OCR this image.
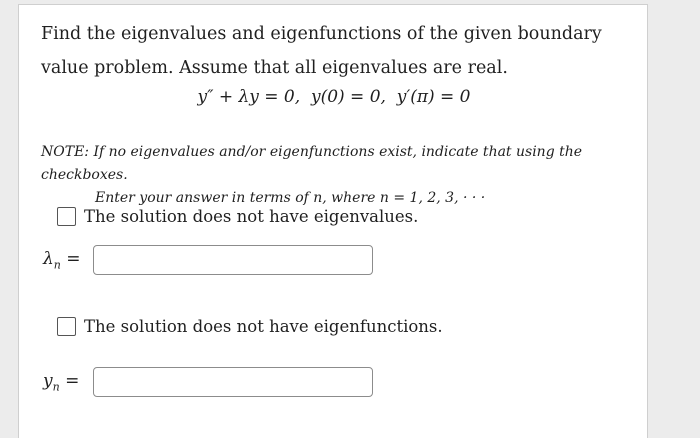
Find the eigenvalues and eigenfunctions of the given boundary value problem. Assume that all eigenvalues are real.

y″ + λy = 0,  y(0) = 0,  y′(π) = 0
NOTE: If no eigenvalues and/or eigenfunctions exist, indicate that using the checkboxes.
Enter your answer in terms of n, where n = 1, 2, 3, · · ·
The solution does not have eigenvalues.
$\lambda_n$ =
The solution does not have eigenfunctions.
$y_n$ =
